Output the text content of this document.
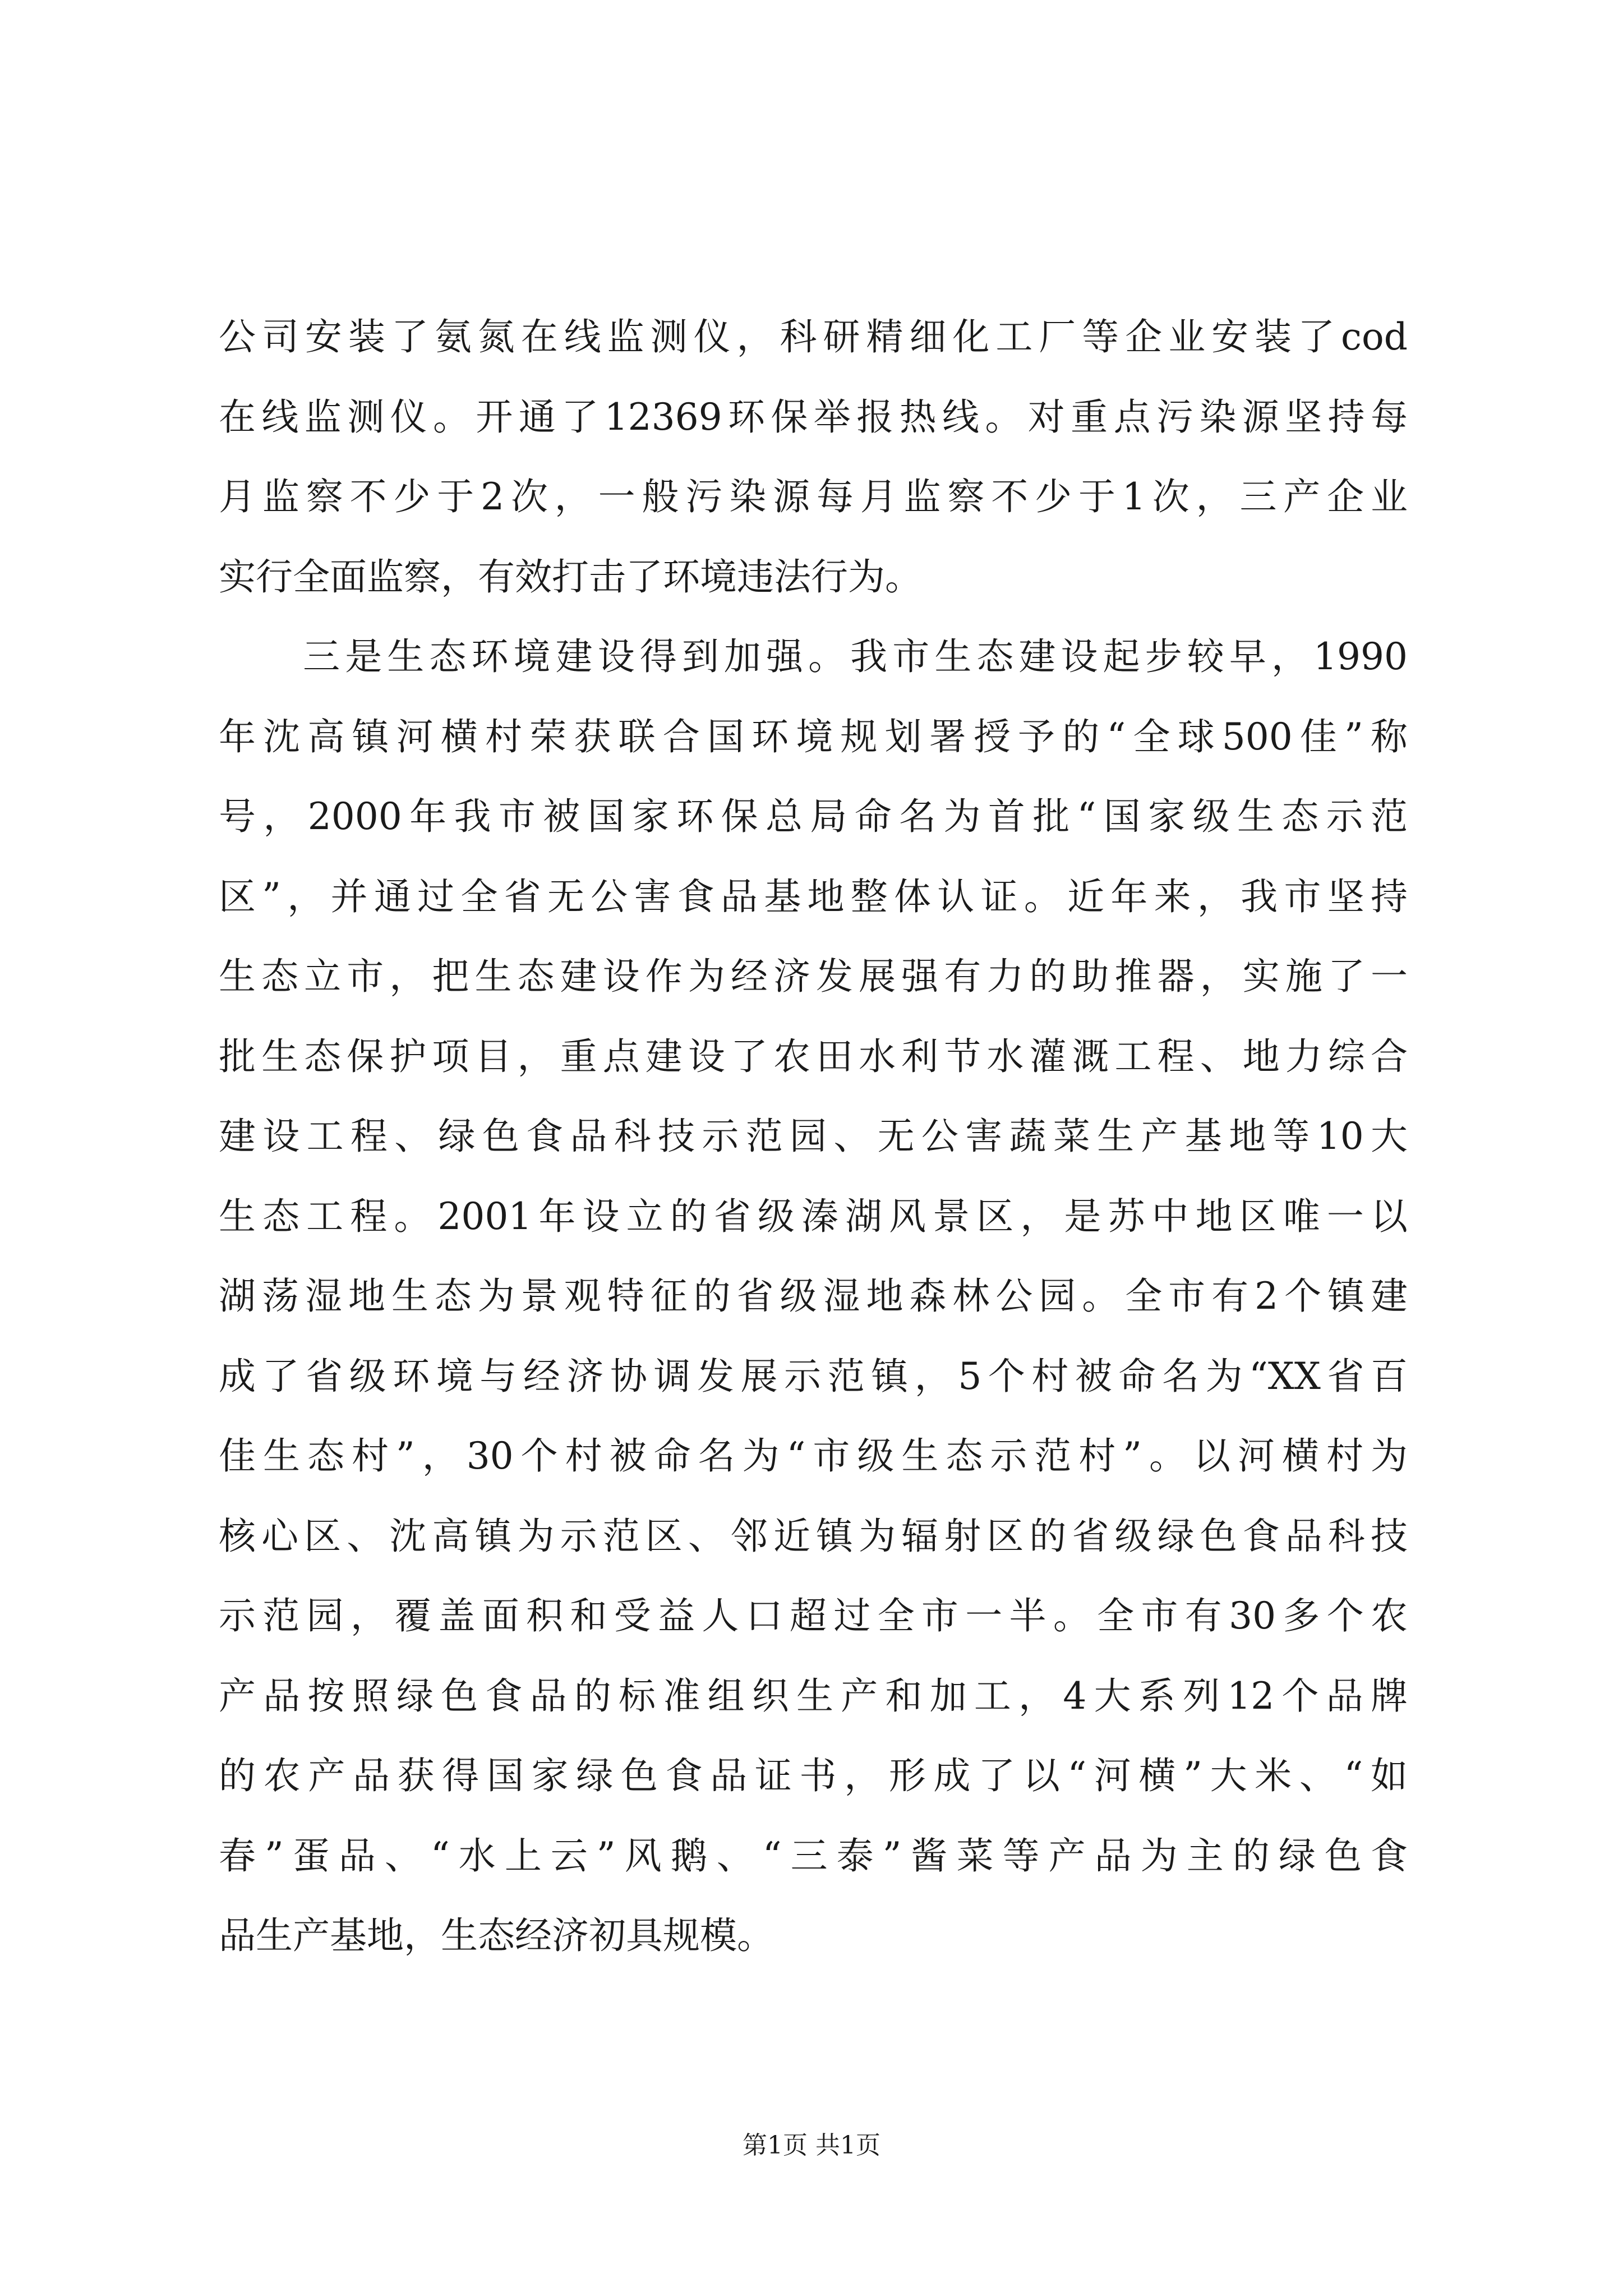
公司安装了氨氮在线监测仪，科研精细化工厂等企业安装了cod
在线监测仪。开通了12369环保举报热线。对重点污染源坚持每
月监察不少于2次，一般污染源每月监察不少于1次，三产企业
实行全面监察，有效打击了环境违法行为。
　　三是生态环境建设得到加强。我市生态建设起步较早，1990
年沈高镇河横村荣获联合国环境规划署授予的“全球500佳”称
号，2000年我市被国家环保总局命名为首批“国家级生态示范
区”，并通过全省无公害食品基地整体认证。近年来，我市坚持
生态立市，把生态建设作为经济发展强有力的助推器，实施了一
批生态保护项目，重点建设了农田水利节水灌溉工程、地力综合
建设工程、绿色食品科技示范园、无公害蔬菜生产基地等10大
生态工程。2001年设立的省级溱湖风景区，是苏中地区唯一以
湖荡湿地生态为景观特征的省级湿地森林公园。全市有2个镇建
成了省级环境与经济协调发展示范镇，5个村被命名为“XX省百
佳生态村”，30个村被命名为“市级生态示范村”。以河横村为
核心区、沈高镇为示范区、邻近镇为辐射区的省级绿色食品科技
示范园，覆盖面积和受益人口超过全市一半。全市有30多个农
产品按照绿色食品的标准组织生产和加工，4大系列12个品牌
的农产品获得国家绿色食品证书，形成了以“河横”大米、“如
春”蛋品、“水上云”风鹅、“三泰”酱菜等产品为主的绿色食
品生产基地，生态经济初具规模。
第1页 共1页
